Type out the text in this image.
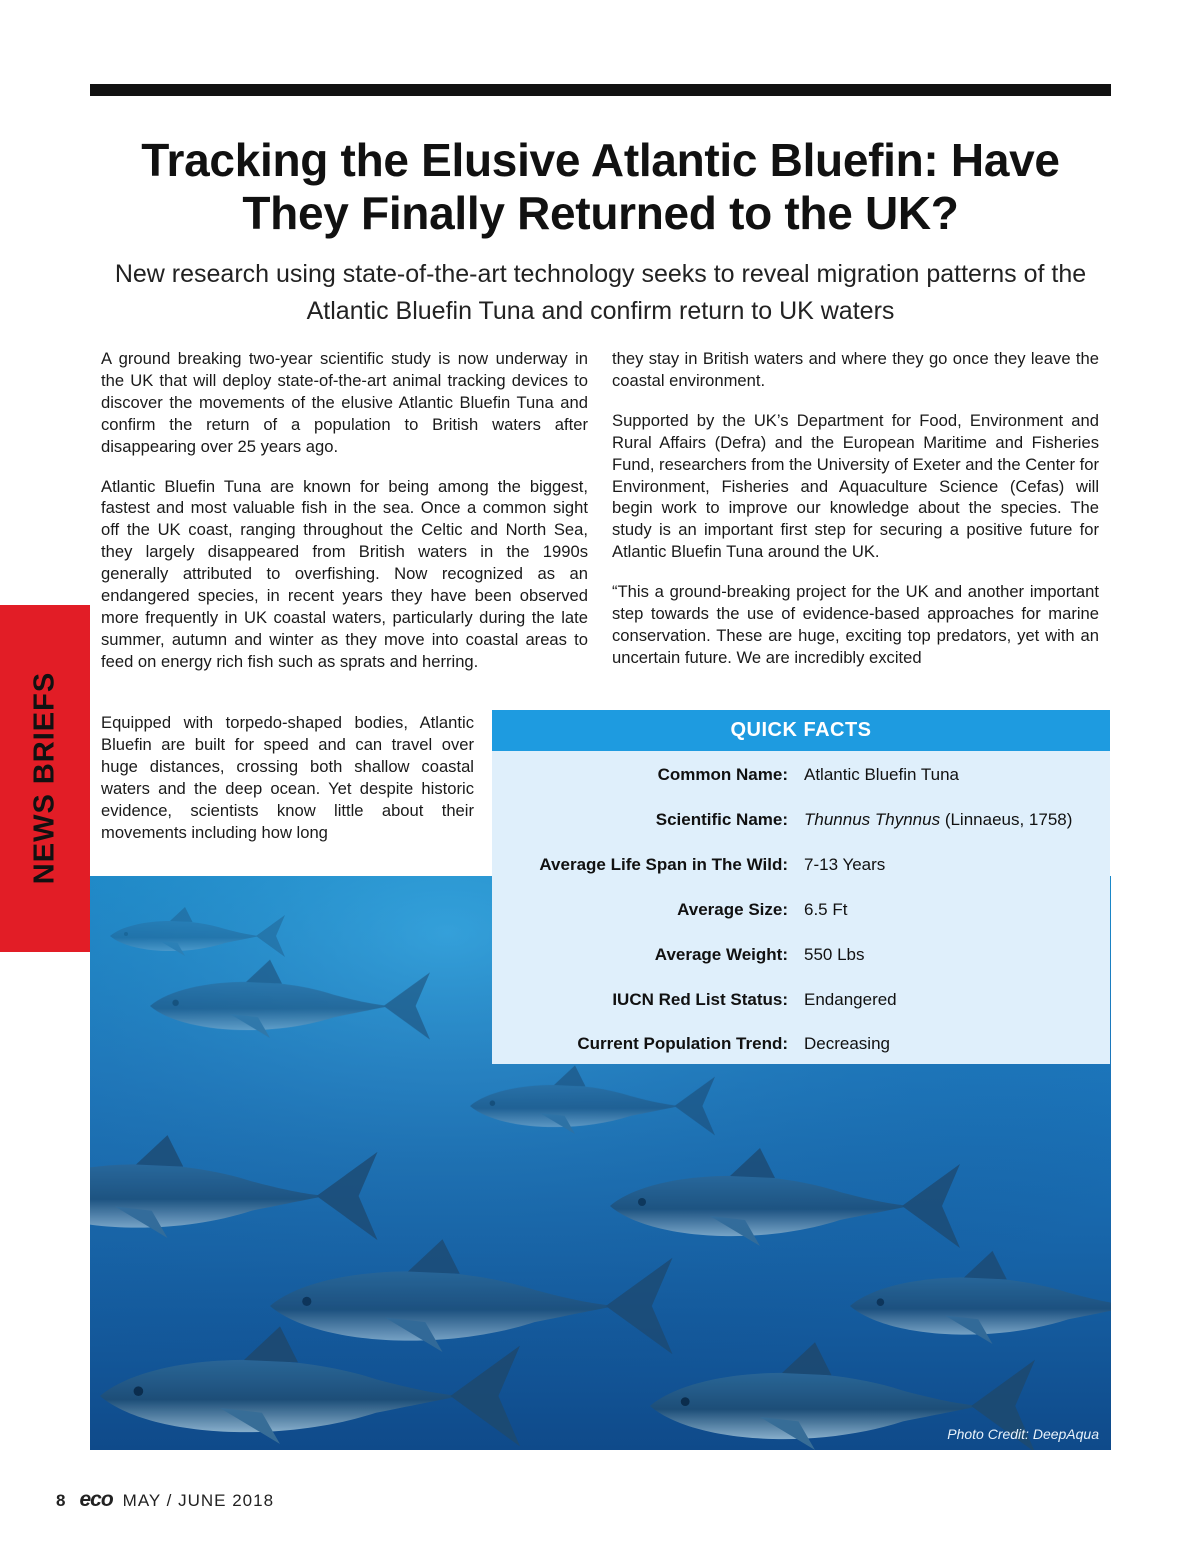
Tracking the Elusive Atlantic Bluefin: Have They Finally Returned to the UK?
New research using state-of-the-art technology seeks to reveal migration patterns of the Atlantic Bluefin Tuna and confirm return to UK waters
NEWS BRIEFS

A ground breaking two-year scientific study is now underway in the UK that will deploy state-of-the-art animal tracking devices to discover the movements of the elusive Atlantic Bluefin Tuna and confirm the return of a population to British waters after disappearing over 25 years ago.

Atlantic Bluefin Tuna are known for being among the biggest, fastest and most valuable fish in the sea. Once a common sight off the UK coast, ranging throughout the Celtic and North Sea, they largely disappeared from British waters in the 1990s generally attributed to overfishing. Now recognized as an endangered species, in recent years they have been observed more frequently in UK coastal waters, particularly during the late summer, autumn and winter as they move into coastal areas to feed on energy rich fish such as sprats and herring.

Equipped with torpedo-shaped bodies, Atlantic Bluefin are built for speed and can travel over huge distances, crossing both shallow coastal waters and the deep ocean. Yet despite historic evidence, scientists know little about their movements including how long

they stay in British waters and where they go once they leave the coastal environment.

Supported by the UK’s Department for Food, Environment and Rural Affairs (Defra) and the European Maritime and Fisheries Fund, researchers from the University of Exeter and the Center for Environment, Fisheries and Aquaculture Science (Cefas) will begin work to improve our knowledge about the species. The study is an important first step for securing a positive future for Atlantic Bluefin Tuna around the UK.

“This a ground-breaking project for the UK and another important step towards the use of evidence-based approaches for marine conservation. These are huge, exciting top predators, yet with an uncertain future. We are incredibly excited

Photo Credit: DeepAqua

QUICK FACTS
Common Name: Atlantic Bluefin Tuna
Scientific Name: Thunnus Thynnus (Linnaeus, 1758)
Average Life Span in The Wild: 7-13 Years
Average Size: 6.5 Ft
Average Weight: 550 Lbs
IUCN Red List Status: Endangered
Current Population Trend: Decreasing
8 eco MAY / JUNE 2018
